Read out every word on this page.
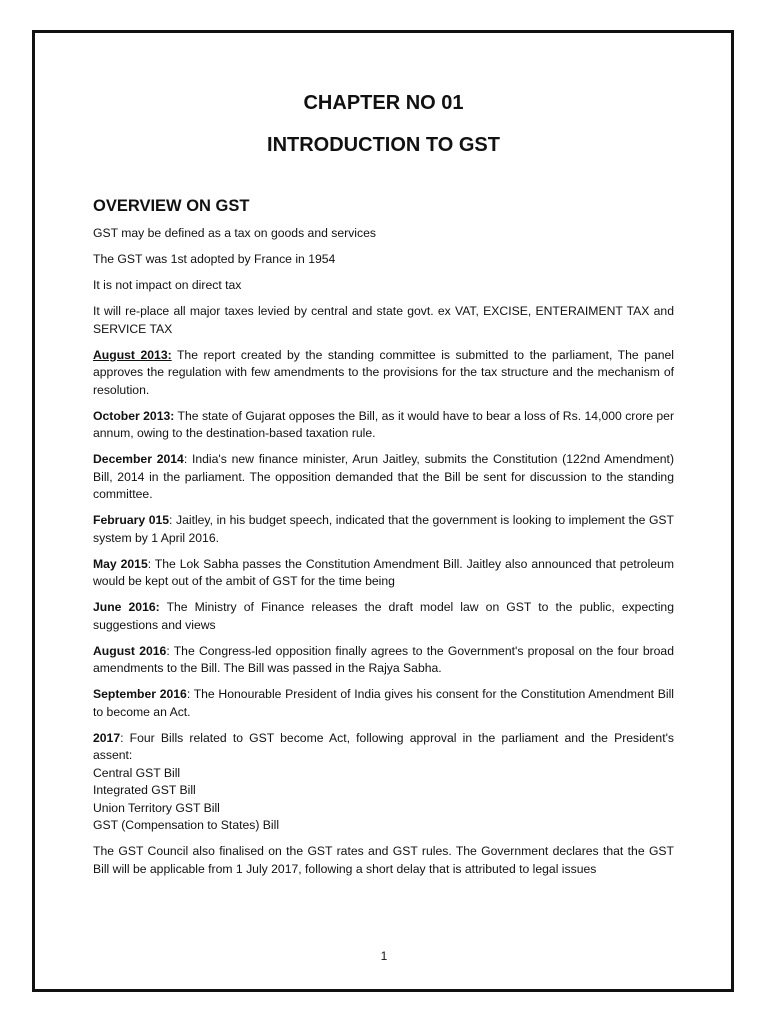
CHAPTER NO 01
INTRODUCTION TO GST
OVERVIEW ON GST

GST may be defined as a tax on goods and services

The GST was 1st adopted by France in 1954

It is not impact on direct tax

It will re-place all major taxes levied by central and state govt. ex VAT, EXCISE, ENTERAIMENT TAX and SERVICE TAX

August 2013: The report created by the standing committee is submitted to the parliament, The panel approves the regulation with few amendments to the provisions for the tax structure and the mechanism of resolution.

October 2013: The state of Gujarat opposes the Bill, as it would have to bear a loss of Rs. 14,000 crore per annum, owing to the destination-based taxation rule.

December 2014: India's new finance minister, Arun Jaitley, submits the Constitution (122nd Amendment) Bill, 2014 in the parliament. The opposition demanded that the Bill be sent for discussion to the standing committee.

February 015: Jaitley, in his budget speech, indicated that the government is looking to implement the GST system by 1 April 2016.

May 2015: The Lok Sabha passes the Constitution Amendment Bill. Jaitley also announced that petroleum would be kept out of the ambit of GST for the time being

June 2016: The Ministry of Finance releases the draft model law on GST to the public, expecting suggestions and views

August 2016: The Congress-led opposition finally agrees to the Government's proposal on the four broad amendments to the Bill. The Bill was passed in the Rajya Sabha.

September 2016: The Honourable President of India gives his consent for the Constitution Amendment Bill to become an Act.

2017: Four Bills related to GST become Act, following approval in the parliament and the President's assent:
Central GST Bill
Integrated GST Bill
Union Territory GST Bill
GST (Compensation to States) Bill

The GST Council also finalised on the GST rates and GST rules. The Government declares that the GST Bill will be applicable from 1 July 2017, following a short delay that is attributed to legal issues

1
